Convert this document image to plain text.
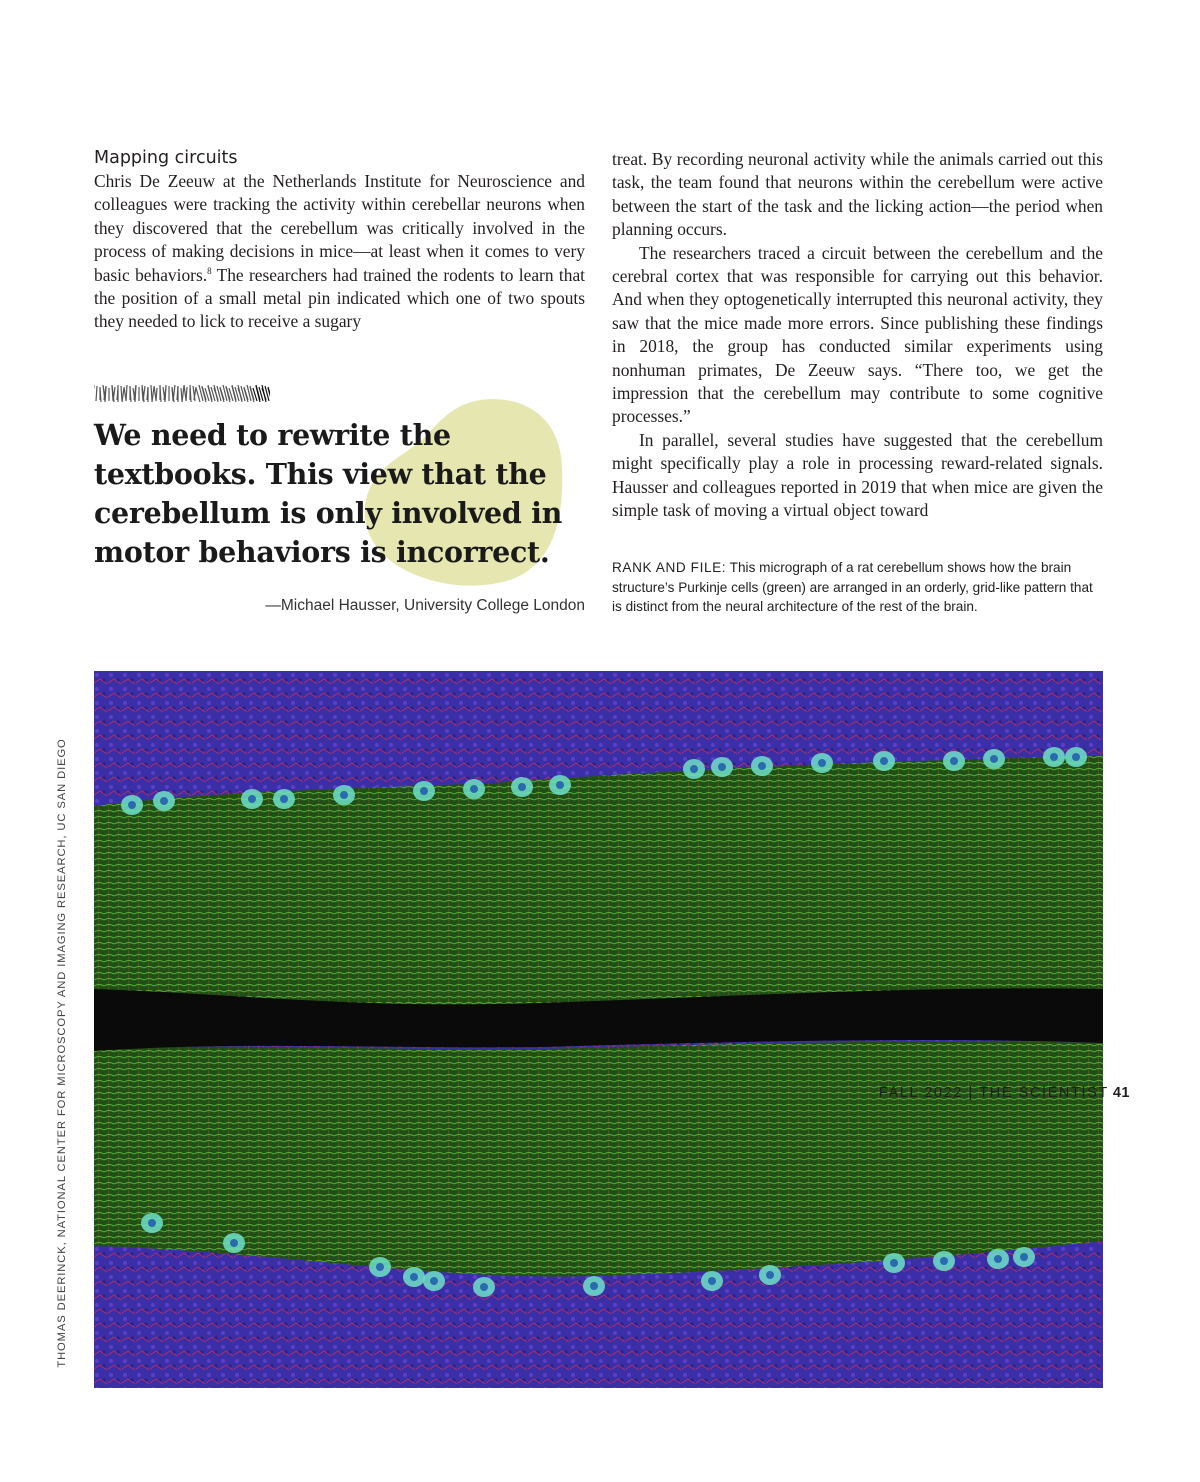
Mapping circuits

Chris De Zeeuw at the Netherlands Institute for Neuroscience and colleagues were tracking the activity within cerebellar neurons when they discovered that the cerebellum was critically involved in the process of making decisions in mice—at least when it comes to very basic behaviors.$^8$ The researchers had trained the rodents to learn that the position of a small metal pin indicated which one of two spouts they needed to lick to receive a sugary

treat. By recording neuronal activity while the animals carried out this task, the team found that neurons within the cerebellum were active between the start of the task and the licking action—the period when planning occurs.

The researchers traced a circuit between the cerebellum and the cerebral cortex that was responsible for carrying out this behavior. And when they optogenetically interrupted this neuronal activity, they saw that the mice made more errors. Since publishing these findings in 2018, the group has conducted similar experiments using nonhuman primates, De Zeeuw says. “There too, we get the impression that the cerebellum may contribute to some cognitive processes.”

In parallel, several studies have suggested that the cerebellum might specifically play a role in processing reward-related signals. Hausser and colleagues reported in 2019 that when mice are given the simple task of moving a virtual object toward

We need to rewrite the
textbooks. This view that the
cerebellum is only involved in
motor behaviors is incorrect.

—Michael Hausser, University College London

RANK AND FILE: This micrograph of a rat cerebellum shows how the brain structure’s Purkinje cells (green) are arranged in an orderly, grid-like pattern that is distinct from the neural architecture of the rest of the brain.

THOMAS DEERINCK, NATIONAL CENTER FOR MICROSCOPY AND IMAGING RESEARCH, UC SAN DIEGO	FALL 2022 | THE SCIENTIST 41
